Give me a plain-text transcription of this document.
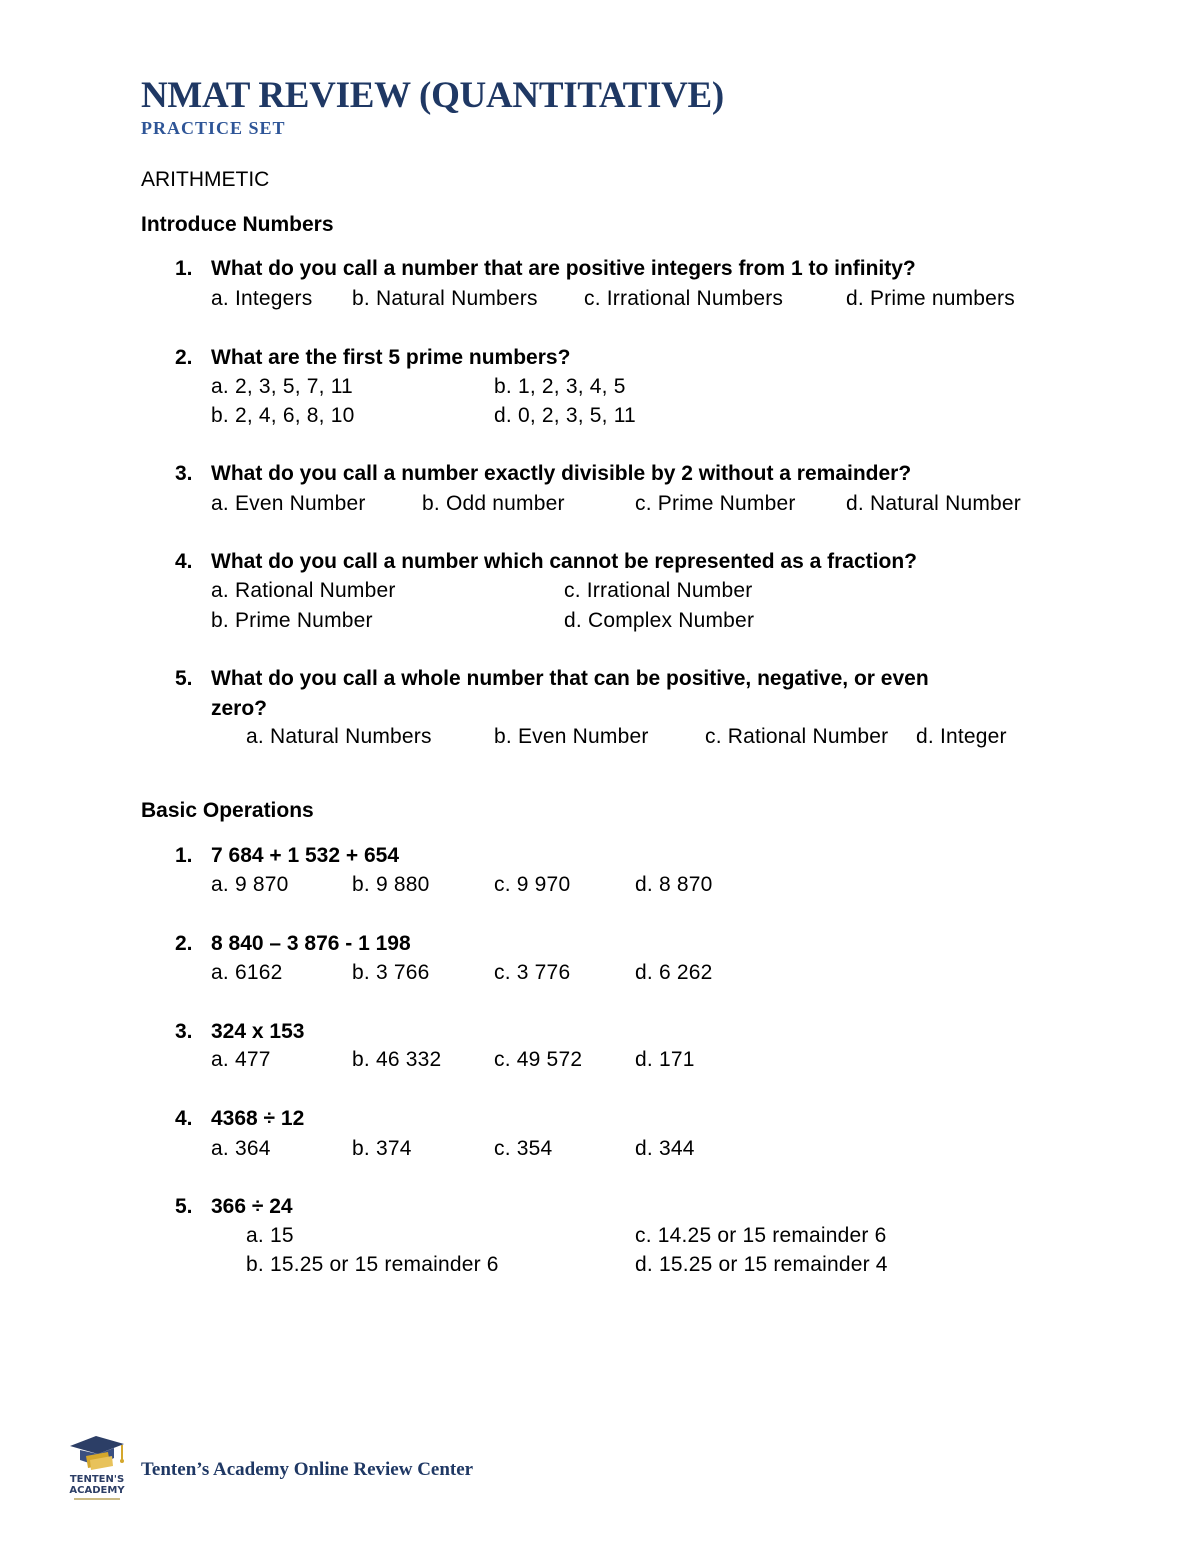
NMAT REVIEW (QUANTITATIVE)
PRACTICE SET
ARITHMETIC
Introduce Numbers
1. What do you call a number that are positive integers from 1 to infinity?
a. Integers b. Natural Numbers c. Irrational Numbers	d. Prime numbers
2. What are the first 5 prime numbers?
a. 2, 3, 5, 7, 11	b. 1, 2, 3, 4, 5
b. 2, 4, 6, 8, 10	d. 0, 2, 3, 5, 11
3. What do you call a number exactly divisible by 2 without a remainder?
a. Even Number	b. Odd number	c. Prime Number d. Natural Number
4. What do you call a number which cannot be represented as a fraction?
a. Rational Number	c. Irrational Number
b. Prime Number	d. Complex Number
5. What do you call a whole number that can be positive, negative, or even
zero?
a. Natural Numbers	b. Even Number	c. Rational Number d. Integer
Basic Operations
1. 7 684 + 1 532 + 654
a. 9 870	b. 9 880	c. 9 970	d. 8 870
2. 8 840 – 3 876 - 1 198
a. 6162	b. 3 766	c. 3 776	d. 6 262
3. 324 x 153
a. 477	b. 46 332	c. 49 572	d. 171
4. 4368 ÷ 12
a. 364	b. 374	c. 354	d. 344
5. 366 ÷ 24
a. 15	c. 14.25 or 15 remainder 6
b. 15.25 or 15 remainder 6	d. 15.25 or 15 remainder 4
TENTEN'S
ACADEMY
Tenten’s Academy Online Review Center
